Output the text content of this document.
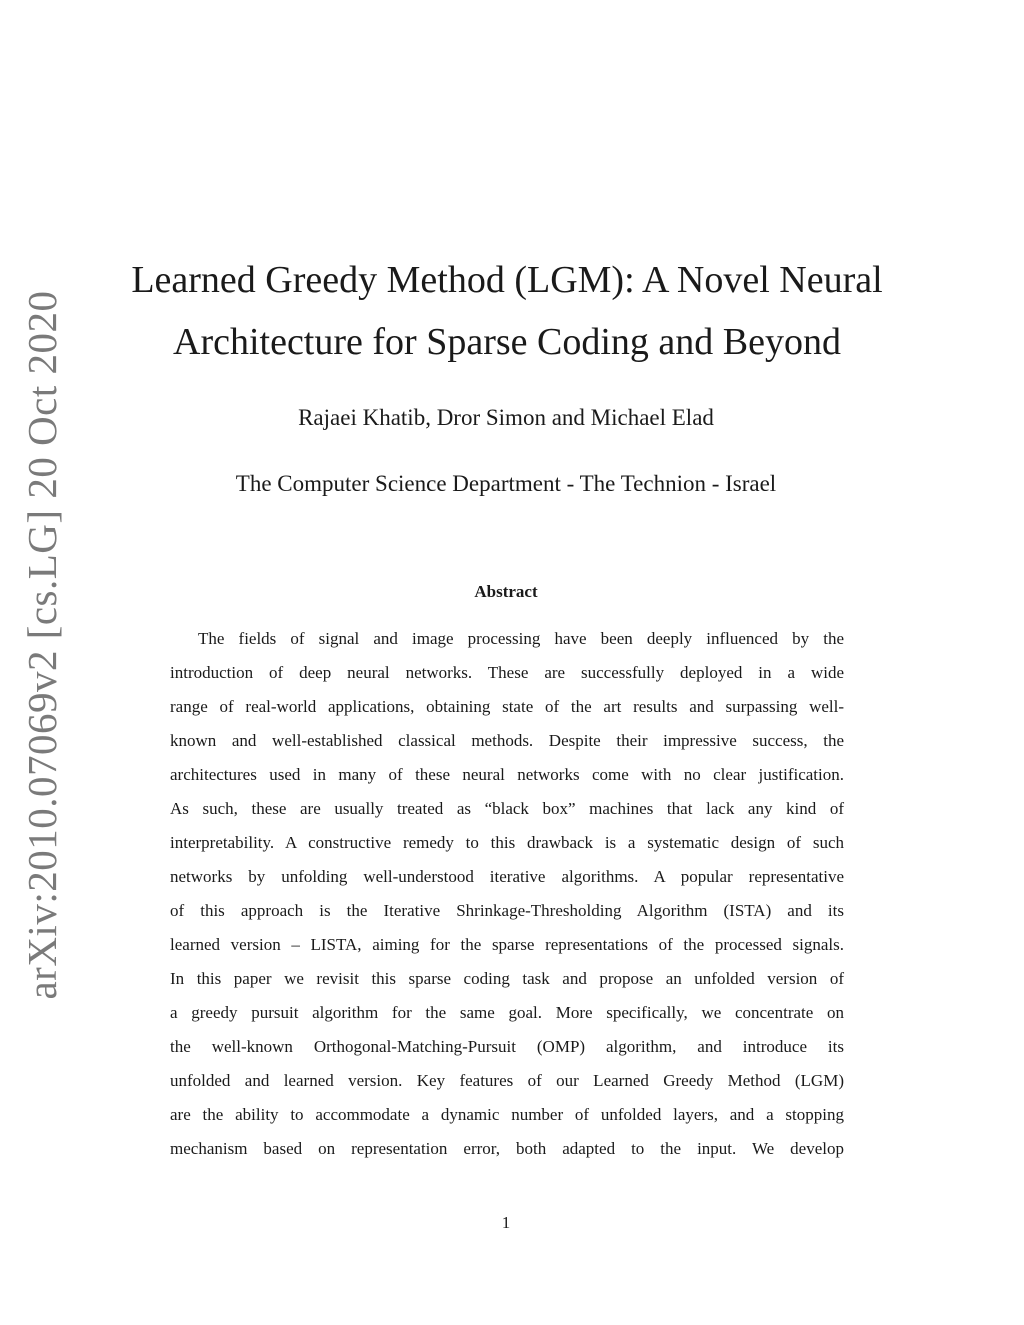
arXiv:2010.07069v2 [cs.LG] 20 Oct 2020
Learned Greedy Method (LGM): A Novel Neural
Architecture for Sparse Coding and Beyond
Rajaei Khatib, Dror Simon and Michael Elad
The Computer Science Department - The Technion - Israel
Abstract
The fields of signal and image processing have been deeply influenced by the
introduction of deep neural networks. These are successfully deployed in a wide
range of real-world applications, obtaining state of the art results and surpassing well-
known and well-established classical methods. Despite their impressive success, the
architectures used in many of these neural networks come with no clear justification.
As such, these are usually treated as “black box” machines that lack any kind of
interpretability. A constructive remedy to this drawback is a systematic design of such
networks by unfolding well-understood iterative algorithms. A popular representative
of this approach is the Iterative Shrinkage-Thresholding Algorithm (ISTA) and its
learned version – LISTA, aiming for the sparse representations of the processed signals.
In this paper we revisit this sparse coding task and propose an unfolded version of
a greedy pursuit algorithm for the same goal. More specifically, we concentrate on
the well-known Orthogonal-Matching-Pursuit (OMP) algorithm, and introduce its
unfolded and learned version. Key features of our Learned Greedy Method (LGM)
are the ability to accommodate a dynamic number of unfolded layers, and a stopping
mechanism based on representation error, both adapted to the input. We develop
1
